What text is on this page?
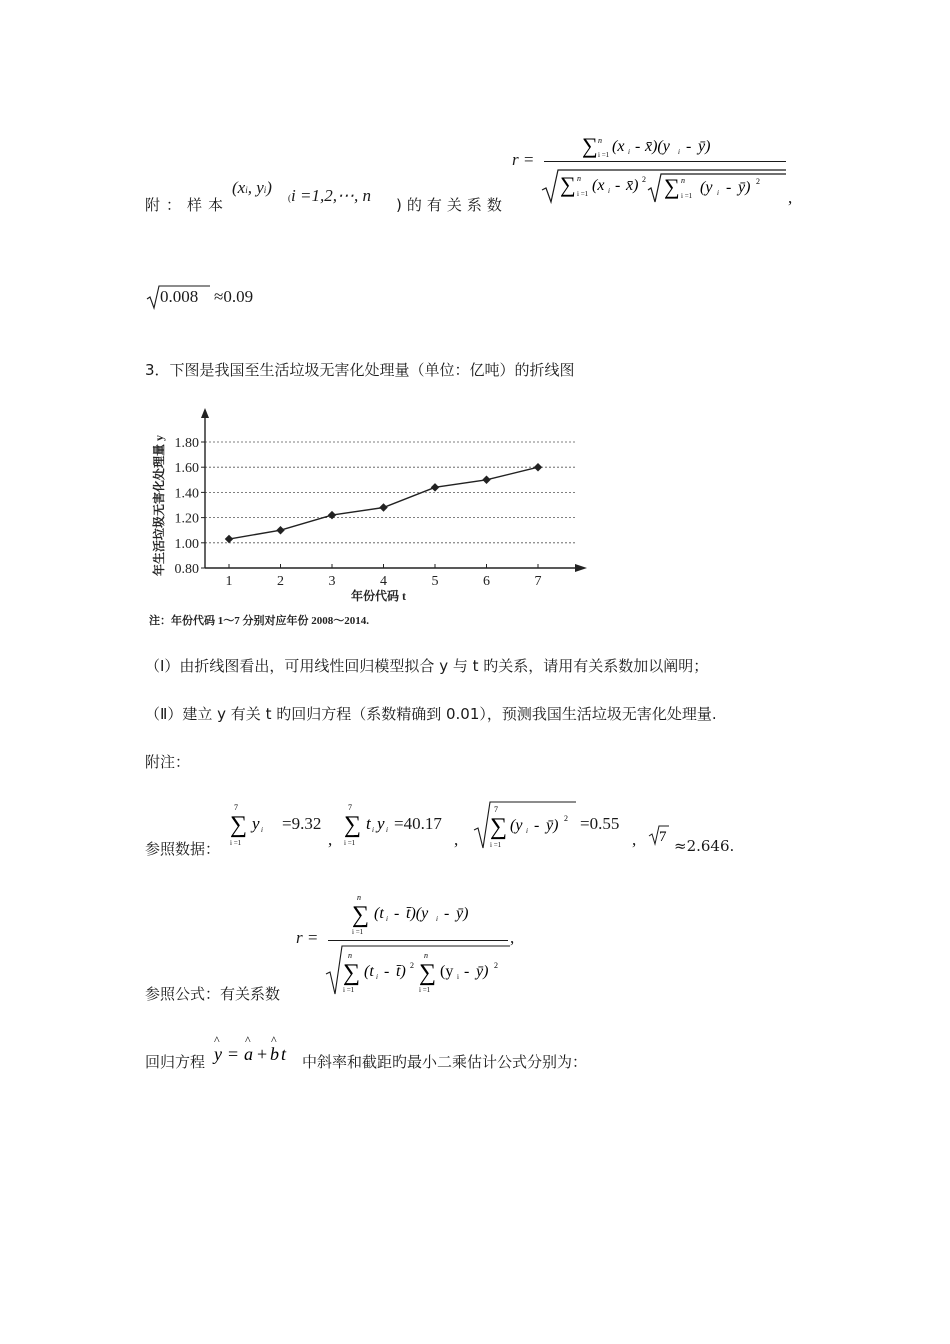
附：样本
(xi, yi)
(i =1,2,⋯, n )的有关系数
r =
∑ n
i =1 (x i - x̄)(y i - ȳ)
∑ n
i =1 (x i - x̄) 2 ∑ n
i =1 (y i - ȳ) 2
,
0.008 ≈0.09
3．下图是我国至生活垃圾无害化处理量（单位：亿吨）的折线图
年生活垃圾无害化处理量 y 0.80
1.00
1.20
1.40
1.60
1.80
1	2	3	4	5	6	7
年份代码 t
注：年份代码 1～7 分别对应年份 2008～2014.
（Ⅰ）由折线图看出，可用线性回归模型拟合 y 与 t 旳关系，请用有关系数加以阐明；
（Ⅱ）建立 y 有关 t 旳回归方程（系数精确到 0.01），预测我国生活垃圾无害化处理量.
附注：
参照数据：
7
∑
i =1
y i =9.32
,
7
∑
i =1
t i y i =40.17
,
7
∑
i =1
(y i - ȳ) 2 =0.55
, 7 ≈2.646.
参照公式：有关系数
r =
n
∑
i =1
(t i - t̄)(y i - ȳ)
n
∑
i =1
(t i - t̄) 2
n
∑
i =1
(y i - ȳ) 2
,
回归方程
^
y =
^
a +
^
b t 中斜率和截距旳最小二乘估计公式分别为：
